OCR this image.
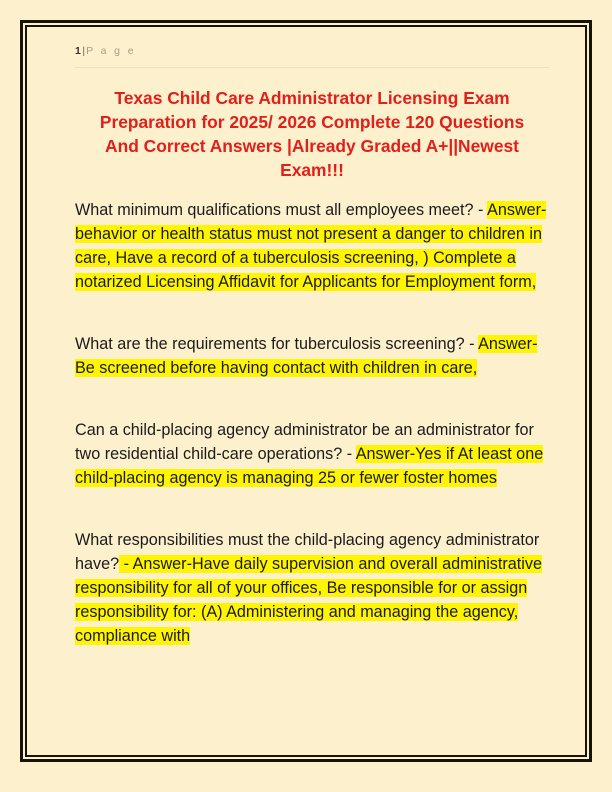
1|P a g e
Texas Child Care Administrator Licensing Exam Preparation for 2025/ 2026 Complete 120 Questions And Correct Answers |Already Graded A+||Newest Exam!!!

What minimum qualifications must all employees meet? - Answer-behavior or health status must not present a danger to children in care, Have a record of a tuberculosis screening, ) Complete a notarized Licensing Affidavit for Applicants for Employment form,

What are the requirements for tuberculosis screening? - Answer-Be screened before having contact with children in care,

Can a child-placing agency administrator be an administrator for two residential child-care operations? - Answer-Yes if At least one child-placing agency is managing 25 or fewer foster homes

What responsibilities must the child-placing agency administrator have? - Answer-Have daily supervision and overall administrative responsibility for all of your offices, Be responsible for or assign responsibility for: (A) Administering and managing the agency, compliance with
